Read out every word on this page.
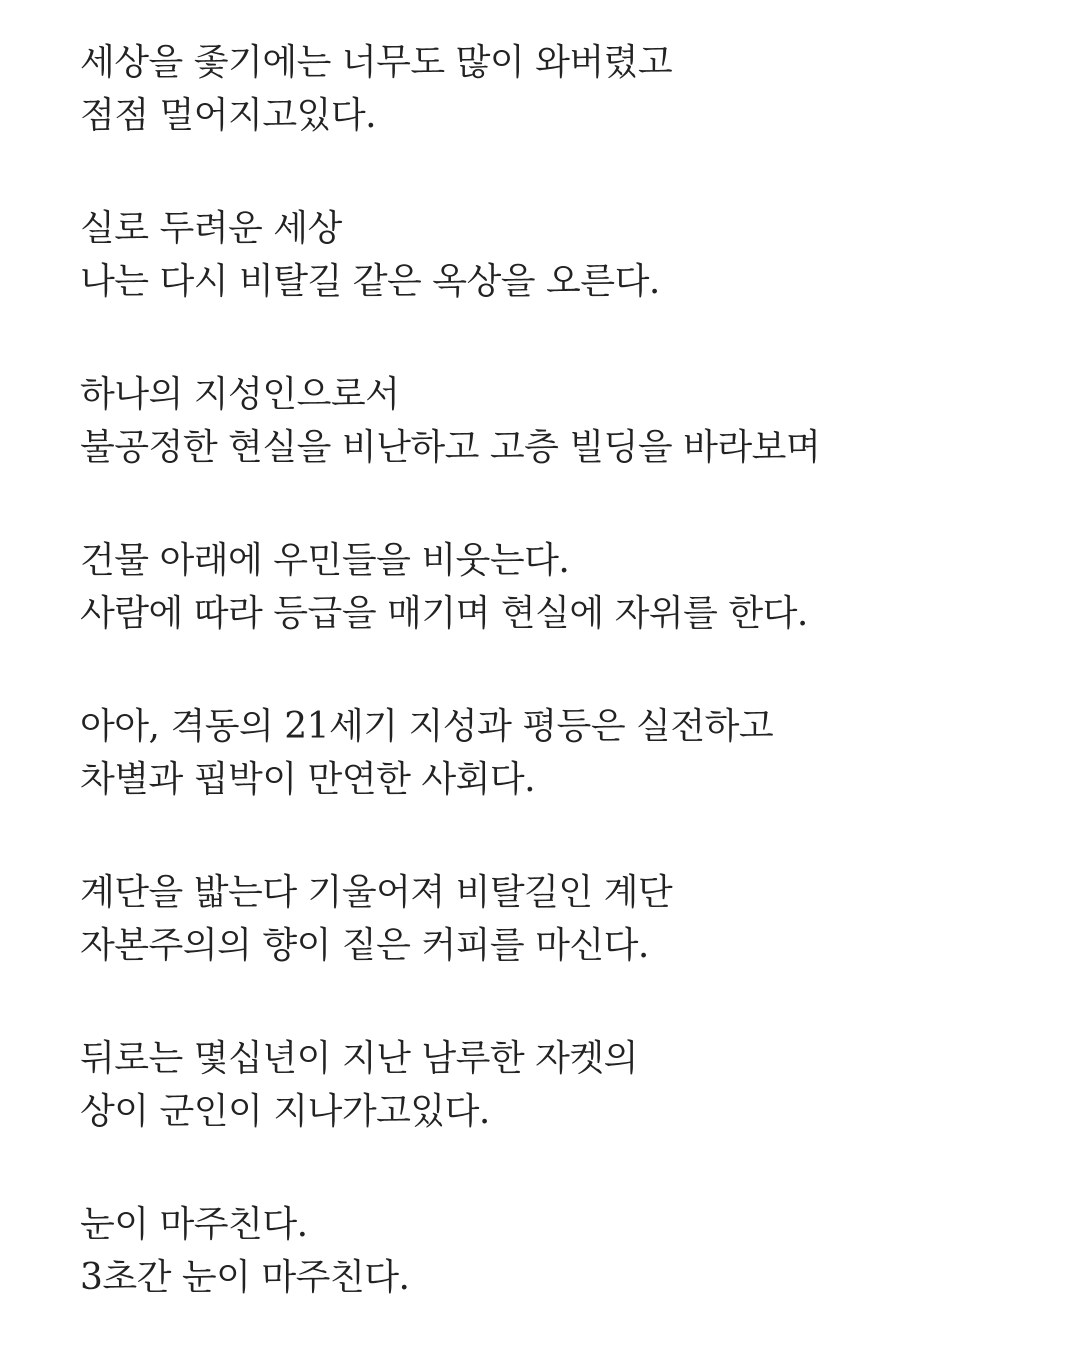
세상을 좇기에는 너무도 많이 와버렸고
점점 멀어지고있다.
실로 두려운 세상
나는 다시 비탈길 같은 옥상을 오른다.
하나의 지성인으로서
불공정한 현실을 비난하고 고층 빌딩을 바라보며
건물 아래에 우민들을 비웃는다.
사람에 따라 등급을 매기며 현실에 자위를 한다.
아아, 격동의 21세기 지성과 평등은 실전하고
차별과 핍박이 만연한 사회다.
계단을 밟는다 기울어져 비탈길인 계단
자본주의의 향이 짙은 커피를 마신다.
뒤로는 몇십년이 지난 남루한 자켓의
상이 군인이 지나가고있다.
눈이 마주친다.
3초간 눈이 마주친다.
